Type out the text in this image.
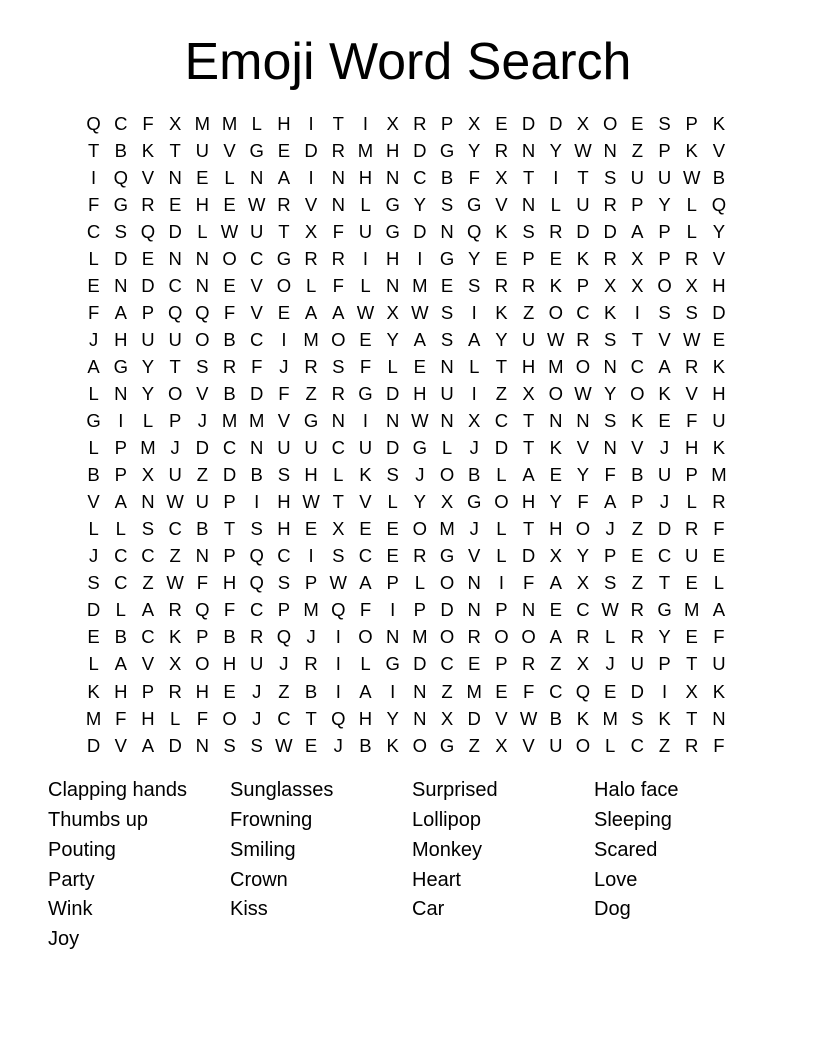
Emoji Word Search
Q C F X M M L H I	T	I X R P X E D D X O E S P K
T B K T U V G E D R M H D G Y R N Y W N Z P K V
I Q V N E L N A I N H N C B F X T	I	T S U U W B
F G R E H E W R V N L G Y S G V N L U R P Y L Q
C S Q D L W U T X F U G D N Q K S R D D A P L Y
L D E N N O C G R R I H I G Y E P E K R X P R V
E N D C N E V O L F L N M E S R R K P X X O X H
F A P Q Q F V E A A W X W S I K Z O C K I S S D
J H U U O B C I M O E Y A S A Y U W R S T V W E
A G Y T S R F J R S F L E N L T H M O N C A R K
L N Y O V B D F Z R G D H U I	Z X O W Y O K V H
G I	L P J M M V G N I N W N X C T N N S K E F U
L P M J D C N U U C U D G L J D T K V N V J H K
B P X U Z D B S H L K S J O B L A E Y F B U P M
V A N W U P I H W T V L Y X G O H Y F A P J L R
L L S C B T S H E X E E O M J L T H O J Z D R F
J C C Z N P Q C I S C E R G V L D X Y P E C U E
S C Z W F H Q S P W A P L O N I	F A X S Z T E L
D L A R Q F C P M Q F	I P D N P N E C W R G M A
E B C K P B R Q J	I O N M O R O O A R L R Y E F
L A V X O H U J R I	L G D C E P R Z X J U P T U
K H P R H E J Z B I A I N Z M E F C Q E D I X K
M F H L F O J C T Q H Y N X D V W B K M S K T N
D V A D N S S W E J B K O G Z X V U O L C Z R F
Clapping hands
Thumbs up
Pouting
Party
Wink
Joy
Sunglasses
Frowning
Smiling
Crown
Kiss
Surprised
Lollipop
Monkey
Heart
Car
Halo face
Sleeping
Scared
Love
Dog
